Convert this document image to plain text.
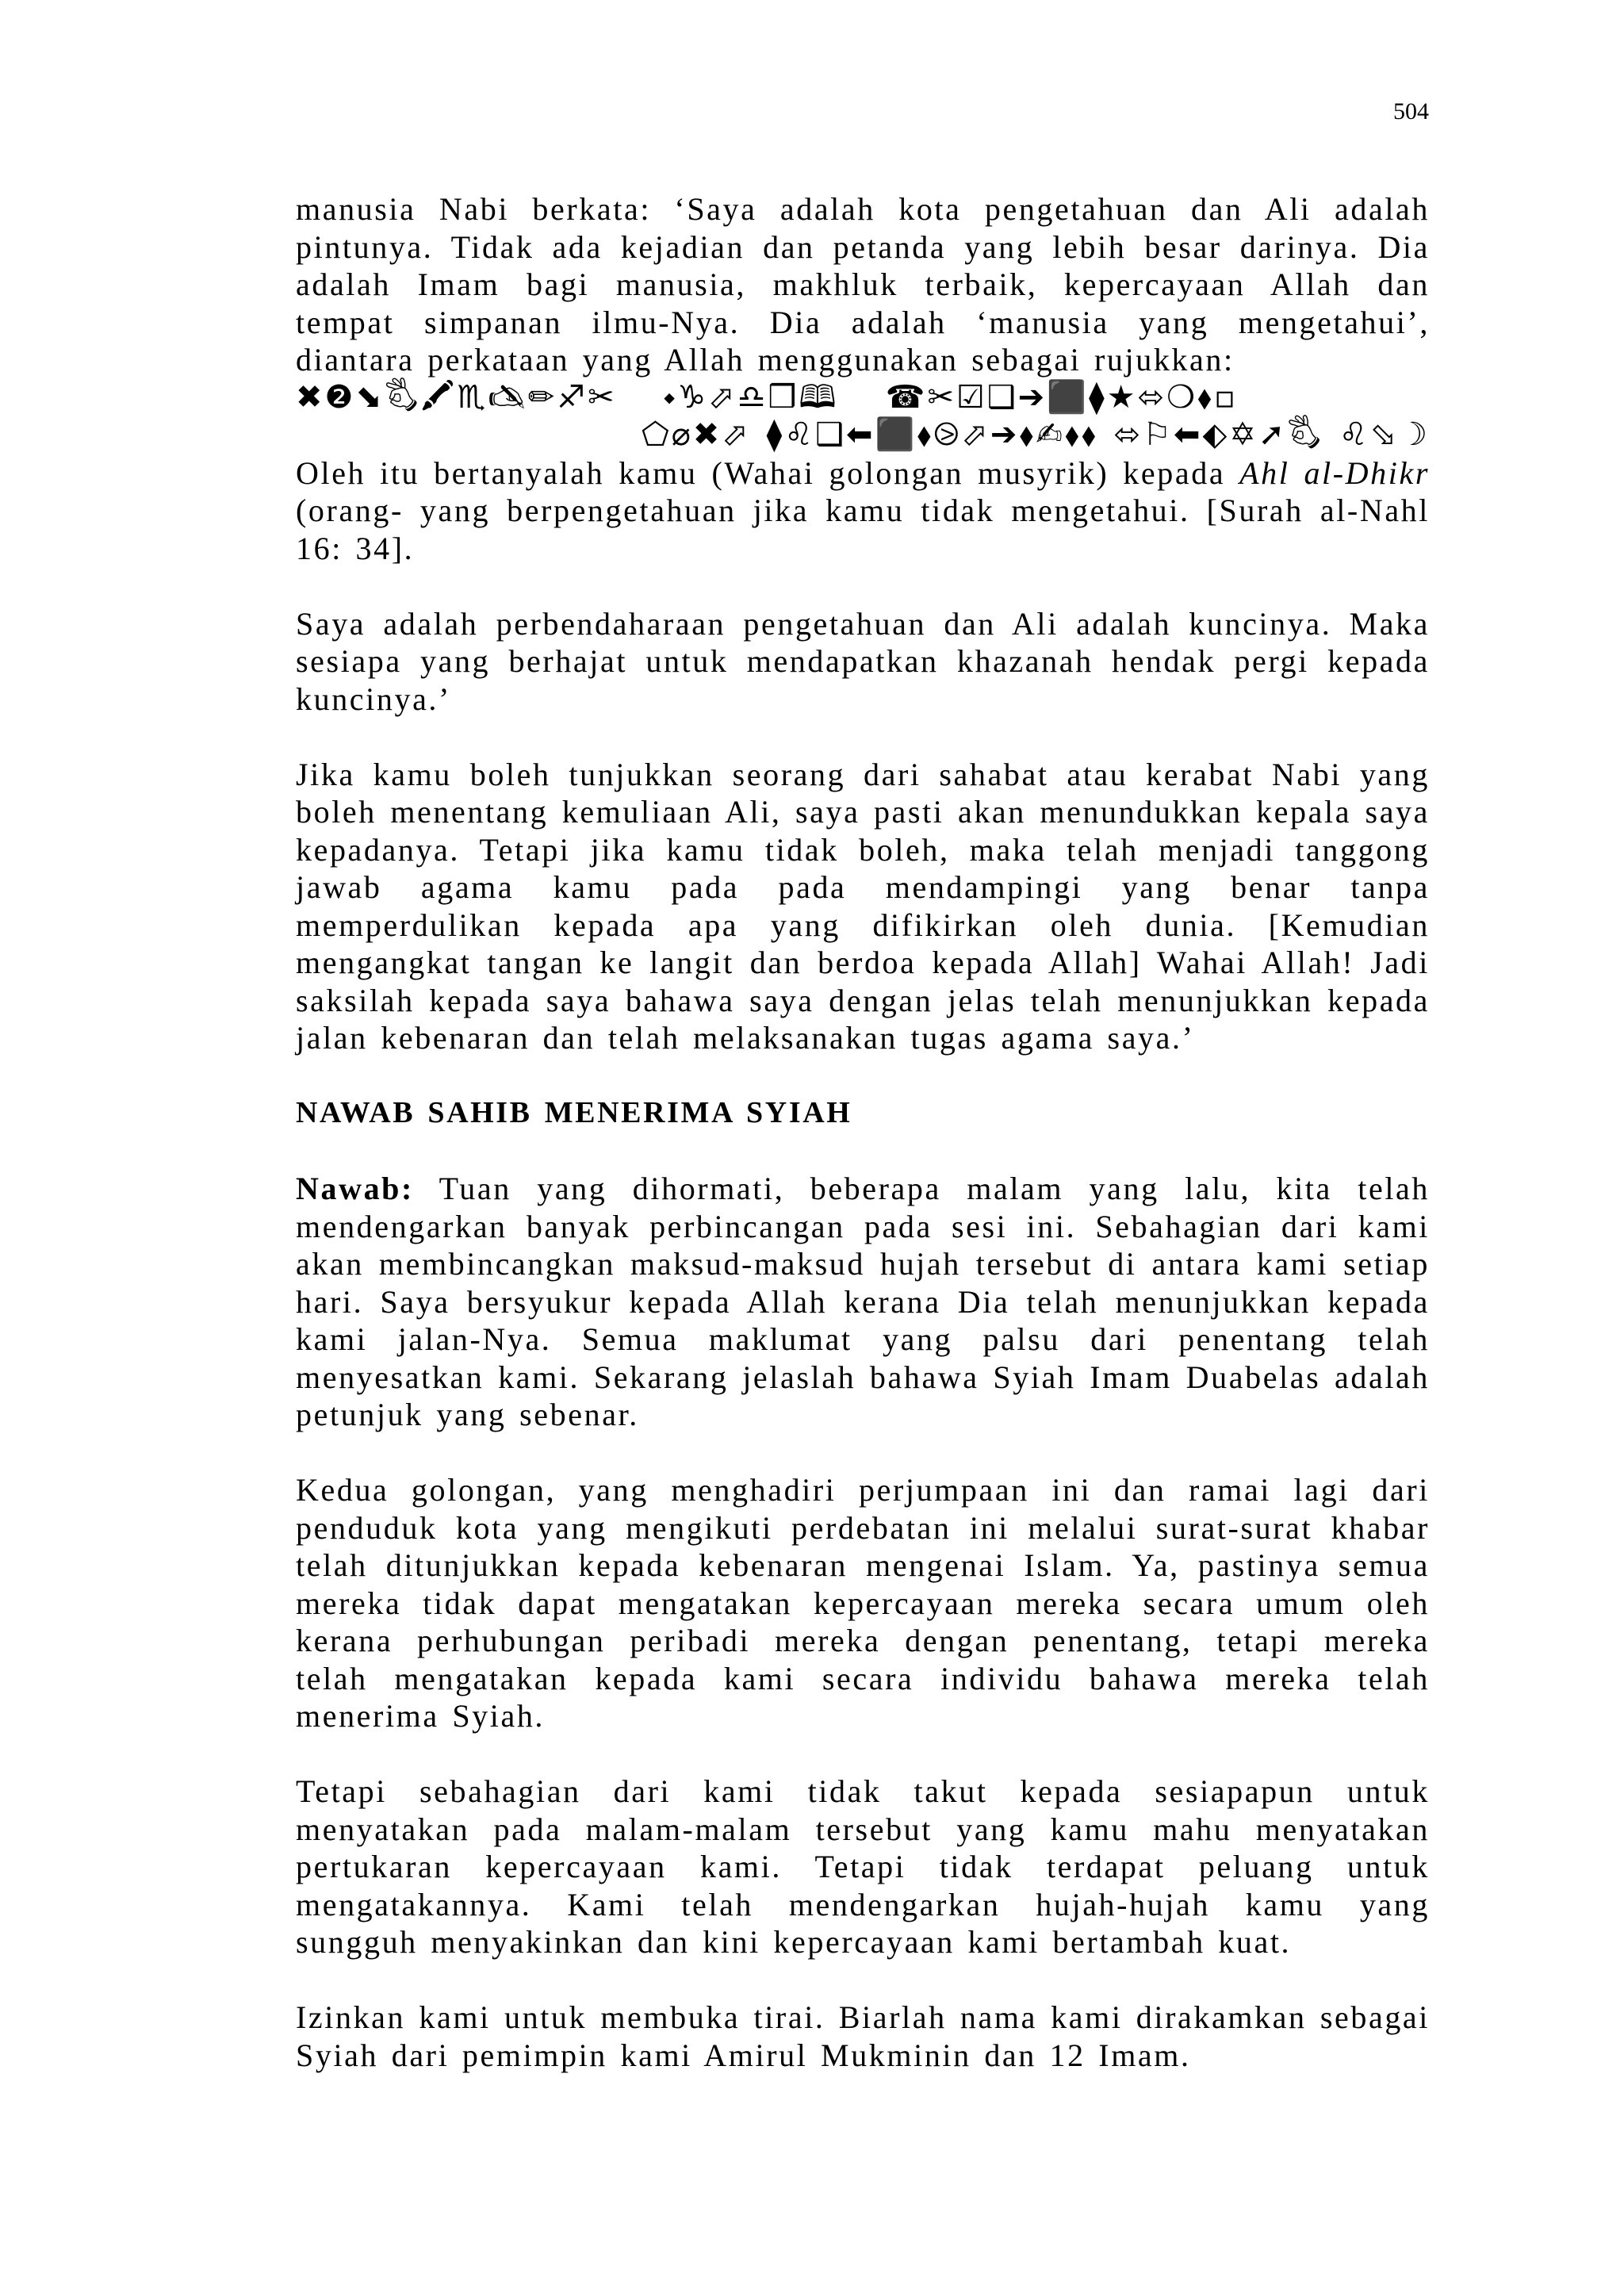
504

manusia Nabi berkata: ‘Saya adalah kota pengetahuan dan Ali adalah pintunya. Tidak ada kejadian dan petanda yang lebih besar darinya. Dia adalah Imam bagi manusia, makhluk terbaik, kepercayaan Allah dan tempat simpanan ilmu-Nya. Dia adalah ‘manusia yang mengetahui’, diantara perkataan yang Allah menggunakan sebagai rujukkan:

✖❷⬊🖏🖍♏🖎✏♐✂   ⬩♑⬀♎❒🕮   ☎✂☑❑➔⬛⧫★⬄❍⬧▫
⬠⌀✖⬀ ⧫♌❑⬅⬛⬧⧁⬀➔⬧✍⬧⬧ ⬄⚐⬅⬖✡➚🖏 ♌⬂☽

Oleh itu bertanyalah kamu (Wahai golongan musyrik) kepada Ahl al-Dhikr (orang- yang berpengetahuan jika kamu tidak mengetahui. [Surah al-Nahl 16: 34].

Saya adalah perbendaharaan pengetahuan dan Ali adalah kuncinya. Maka sesiapa yang berhajat untuk mendapatkan khazanah hendak pergi kepada kuncinya.’

Jika kamu boleh tunjukkan seorang dari sahabat atau kerabat Nabi yang boleh menentang kemuliaan Ali, saya pasti akan menundukkan kepala saya kepadanya. Tetapi jika kamu tidak boleh, maka telah menjadi tanggong jawab agama kamu pada pada mendampingi yang benar tanpa memperdulikan kepada apa yang difikirkan oleh dunia. [Kemudian mengangkat tangan ke langit dan berdoa kepada Allah] Wahai Allah! Jadi saksilah kepada saya bahawa saya dengan jelas telah menunjukkan kepada jalan kebenaran dan telah melaksanakan tugas agama saya.’

NAWAB SAHIB MENERIMA SYIAH

Nawab: Tuan yang dihormati, beberapa malam yang lalu, kita telah mendengarkan banyak perbincangan pada sesi ini. Sebahagian dari kami akan membincangkan maksud-maksud hujah tersebut di antara kami setiap hari. Saya bersyukur kepada Allah kerana Dia telah menunjukkan kepada kami jalan-Nya. Semua maklumat yang palsu dari penentang telah menyesatkan kami. Sekarang jelaslah bahawa Syiah Imam Duabelas adalah petunjuk yang sebenar.

Kedua golongan, yang menghadiri perjumpaan ini dan ramai lagi dari penduduk kota yang mengikuti perdebatan ini melalui surat-surat khabar telah ditunjukkan kepada kebenaran mengenai Islam. Ya, pastinya semua mereka tidak dapat mengatakan kepercayaan mereka secara umum oleh kerana perhubungan peribadi mereka dengan penentang, tetapi mereka telah mengatakan kepada kami secara individu bahawa mereka telah menerima Syiah.

Tetapi sebahagian dari kami tidak takut kepada sesiapapun untuk menyatakan pada malam-malam tersebut yang kamu mahu menyatakan pertukaran kepercayaan kami. Tetapi tidak terdapat peluang untuk mengatakannya. Kami telah mendengarkan hujah-hujah kamu yang sungguh menyakinkan dan kini kepercayaan kami bertambah kuat.

Izinkan kami untuk membuka tirai. Biarlah nama kami dirakamkan sebagai Syiah dari pemimpin kami Amirul Mukminin dan 12 Imam.
